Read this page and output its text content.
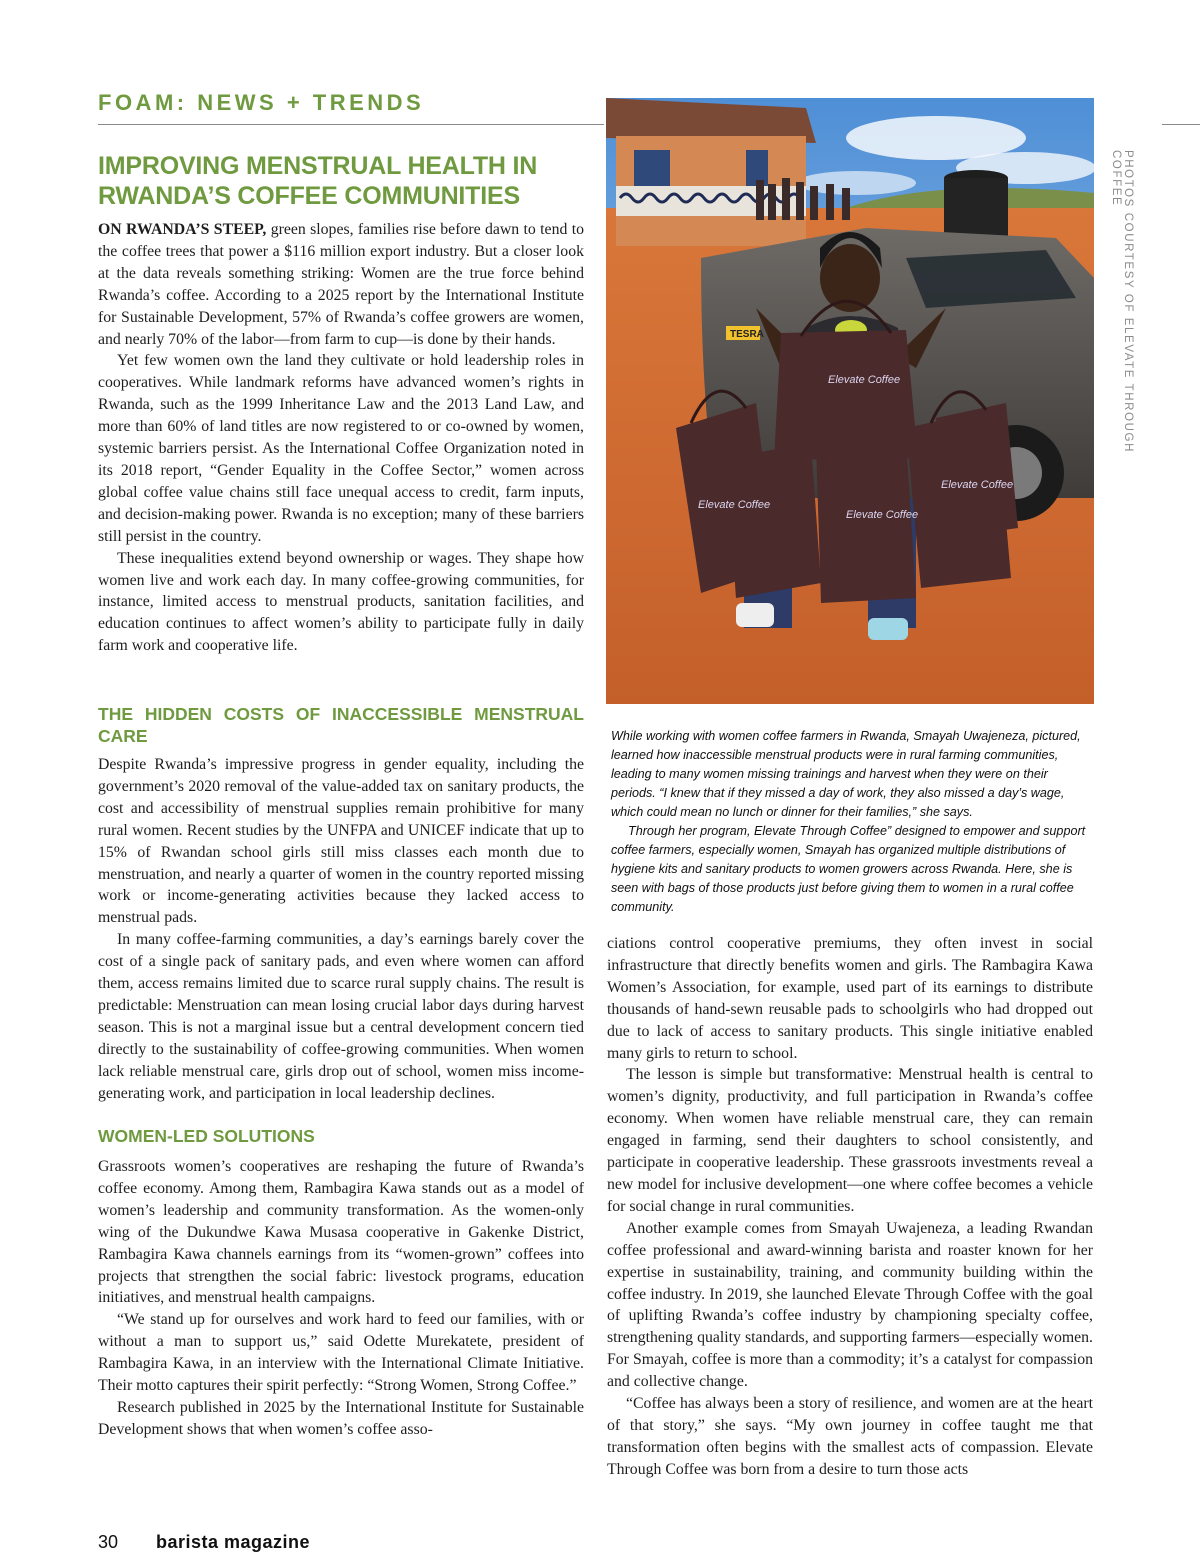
FOAM: NEWS + TRENDS
IMPROVING MENSTRUAL HEALTH IN
RWANDA’S COFFEE COMMUNITIES

ON RWANDA’S STEEP, green slopes, families rise before dawn to tend to the coffee trees that power a $116 million export industry. But a closer look at the data reveals something striking: Women are the true force behind Rwanda’s coffee. According to a 2025 report by the International Institute for Sustainable Development, 57% of Rwanda’s coffee growers are women, and nearly 70% of the labor—from farm to cup—is done by their hands.

Yet few women own the land they cultivate or hold leadership roles in cooperatives. While landmark reforms have advanced women’s rights in Rwanda, such as the 1999 Inheritance Law and the 2013 Land Law, and more than 60% of land titles are now registered to or co-owned by women, systemic barriers persist. As the International Coffee Organization noted in its 2018 report, “Gender Equality in the Coffee Sector,” women across global coffee value chains still face unequal access to credit, farm inputs, and decision-making power. Rwanda is no exception; many of these barriers still persist in the country.

These inequalities extend beyond ownership or wages. They shape how women live and work each day. In many coffee-growing communities, for instance, limited access to menstrual products, sanitation facilities, and education continues to affect women’s ability to participate fully in daily farm work and cooperative life.

THE HIDDEN COSTS OF INACCESSIBLE MENSTRUAL CARE

Despite Rwanda’s impressive progress in gender equality, including the government’s 2020 removal of the value-added tax on sanitary products, the cost and accessibility of menstrual supplies remain prohibitive for many rural women. Recent studies by the UNFPA and UNICEF indicate that up to 15% of Rwandan school girls still miss classes each month due to menstruation, and nearly a quarter of women in the country reported missing work or income-generating activities because they lacked access to menstrual pads.

In many coffee-farming communities, a day’s earnings barely cover the cost of a single pack of sanitary pads, and even where women can afford them, access remains limited due to scarce rural supply chains. The result is predictable: Menstruation can mean losing crucial labor days during harvest season. This is not a marginal issue but a central development concern tied directly to the sustainability of coffee-growing communities. When women lack reliable menstrual care, girls drop out of school, women miss income-generating work, and participation in local leadership declines.

WOMEN-LED SOLUTIONS

Grassroots women’s cooperatives are reshaping the future of Rwanda’s coffee economy. Among them, Rambagira Kawa stands out as a model of women’s leadership and community transformation. As the women-only wing of the Dukundwe Kawa Musasa cooperative in Gakenke District, Rambagira Kawa channels earnings from its “women-grown” coffees into projects that strengthen the social fabric: livestock programs, education initiatives, and menstrual health campaigns.

“We stand up for ourselves and work hard to feed our families, with or without a man to support us,” said Odette Murekatete, president of Rambagira Kawa, in an interview with the International Climate Initiative. Their motto captures their spirit perfectly: “Strong Women, Strong Coffee.”

Research published in 2025 by the International Institute for Sustainable Development shows that when women’s coffee asso-

TESRA
Elevate Coffee
Elevate Coffee
Elevate Coffee
Elevate Coffee
PHOTOS COURTESY OF ELEVATE THROUGH COFFEE

While working with women coffee farmers in Rwanda, Smayah Uwajeneza, pictured, learned how inaccessible menstrual products were in rural farming communities, leading to many women missing trainings and harvest when they were on their periods. “I knew that if they missed a day of work, they also missed a day’s wage, which could mean no lunch or dinner for their families,” she says.

Through her program, Elevate Through Coffee” designed to empower and support coffee farmers, especially women, Smayah has organized multiple distributions of hygiene kits and sanitary products to women growers across Rwanda. Here, she is seen with bags of those products just before giving them to women in a rural coffee community.

ciations control cooperative premiums, they often invest in social infrastructure that directly benefits women and girls. The Rambagira Kawa Women’s Association, for example, used part of its earnings to distribute thousands of hand-sewn reusable pads to schoolgirls who had dropped out due to lack of access to sanitary products. This single initiative enabled many girls to return to school.

The lesson is simple but transformative: Menstrual health is central to women’s dignity, productivity, and full participation in Rwanda’s coffee economy. When women have reliable menstrual care, they can remain engaged in farming, send their daughters to school consistently, and participate in cooperative leadership. These grassroots investments reveal a new model for inclusive development—one where coffee becomes a vehicle for social change in rural communities.

Another example comes from Smayah Uwajeneza, a leading Rwandan coffee professional and award-winning barista and roaster known for her expertise in sustainability, training, and community building within the coffee industry. In 2019, she launched Elevate Through Coffee with the goal of uplifting Rwanda’s coffee industry by championing specialty coffee, strengthening quality standards, and supporting farmers—especially women. For Smayah, coffee is more than a commodity; it’s a catalyst for compassion and collective change.

“Coffee has always been a story of resilience, and women are at the heart of that story,” she says. “My own journey in coffee taught me that transformation often begins with the smallest acts of compassion. Elevate Through Coffee was born from a desire to turn those acts

30 barista magazine
